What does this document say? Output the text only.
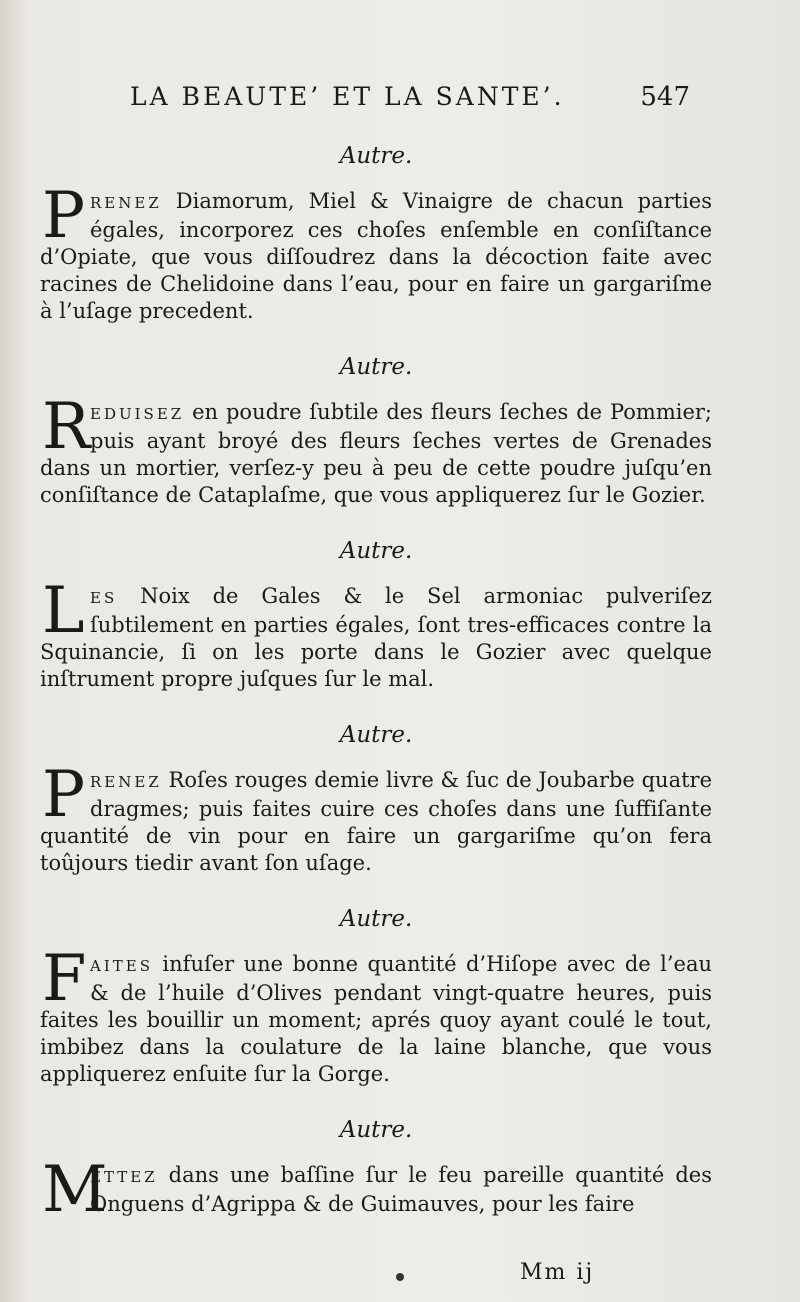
LA BEAUTE’ ET LA SANTE’.	547
Autre.

PRENEZ Diamorum, Miel & Vinaigre de chacun parties égales, incorporez ces choſes enſemble en conſiſtance d’Opiate, que vous diſſoudrez dans la décoction faite avec racines de Chelidoine dans l’eau, pour en faire un gargariſme à l’uſage precedent.

Autre.

REDUISEZ en poudre ſubtile des fleurs ſeches de Pommier; puis ayant broyé des fleurs ſeches vertes de Grenades dans un mortier, verſez-y peu à peu de cette poudre juſqu’en conſiſtance de Cataplaſme, que vous appliquerez ſur le Gozier.

Autre.

LES Noix de Gales & le Sel armoniac pulveriſez ſubtilement en parties égales, ſont tres-efficaces contre la Squinancie, ſi on les porte dans le Gozier avec quelque inſtrument propre juſques ſur le mal.

Autre.

PRENEZ Roſes rouges demie livre & ſuc de Joubarbe quatre dragmes; puis faites cuire ces choſes dans une ſuffiſante quantité de vin pour en faire un gargariſme qu’on fera toûjours tiedir avant ſon uſage.

Autre.

FAITES infuſer une bonne quantité d’Hiſope avec de l’eau & de l’huile d’Olives pendant vingt-quatre heures, puis faites les bouillir un moment; aprés quoy ayant coulé le tout, imbibez dans la coulature de la laine blanche, que vous appliquerez enſuite ſur la Gorge.

Autre.

M
ETTEZ dans une baſſine ſur le feu pareille quantité des Onguens d’Agrippa & de Guimauves, pour les faire

Mm ij
